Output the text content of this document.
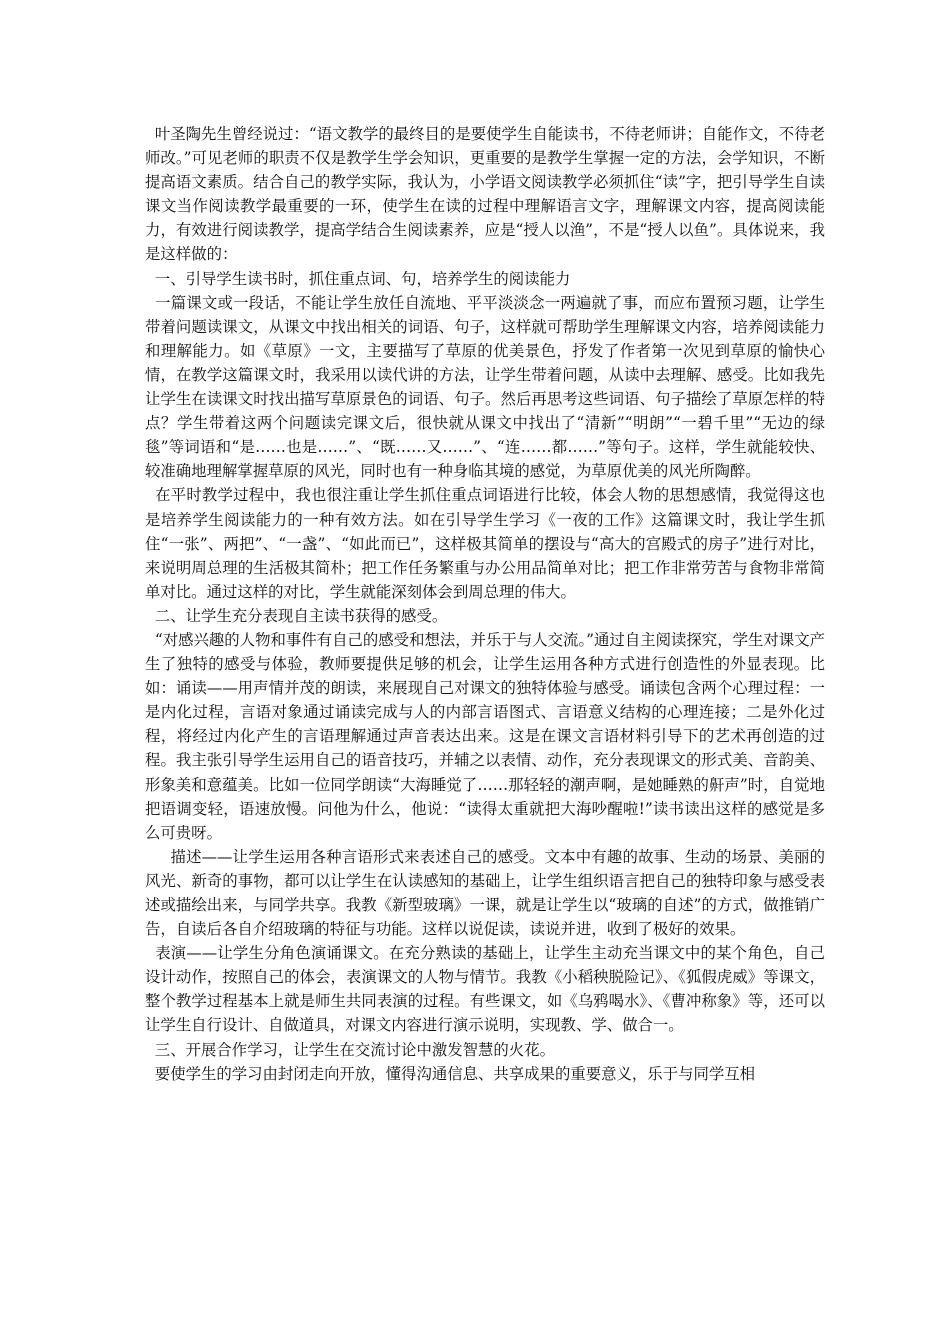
叶圣陶先生曾经说过：“语文教学的最终目的是要使学生自能读书，不待老师讲；自能作文，不待老师改。”可见老师的职责不仅是教学生学会知识，更重要的是教学生掌握一定的方法，会学知识，不断提高语文素质。结合自己的教学实际，我认为，小学语文阅读教学必须抓住“读”字，把引导学生自读课文当作阅读教学最重要的一环，使学生在读的过程中理解语言文字，理解课文内容，提高阅读能力，有效进行阅读教学，提高学结合生阅读素养，应是“授人以渔”，不是“授人以鱼”。具体说来，我是这样做的：

一、引导学生读书时，抓住重点词、句，培养学生的阅读能力

一篇课文或一段话，不能让学生放任自流地、平平淡淡念一两遍就了事，而应布置预习题，让学生带着问题读课文，从课文中找出相关的词语、句子，这样就可帮助学生理解课文内容，培养阅读能力和理解能力。如《草原》一文，主要描写了草原的优美景色，抒发了作者第一次见到草原的愉快心情，在教学这篇课文时，我采用以读代讲的方法，让学生带着问题，从读中去理解、感受。比如我先让学生在读课文时找出描写草原景色的词语、句子。然后再思考这些词语、句子描绘了草原怎样的特点？学生带着这两个问题读完课文后，很快就从课文中找出了“清新”“明朗”“一碧千里”“无边的绿毯”等词语和“是……也是……”、“既……又……”、“连……都……”等句子。这样，学生就能较快、较准确地理解掌握草原的风光，同时也有一种身临其境的感觉，为草原优美的风光所陶醉。

在平时教学过程中，我也很注重让学生抓住重点词语进行比较，体会人物的思想感情，我觉得这也是培养学生阅读能力的一种有效方法。如在引导学生学习《一夜的工作》这篇课文时，我让学生抓住“一张”、两把”、“一盏”、“如此而已”，这样极其简单的摆设与“高大的宫殿式的房子”进行对比，来说明周总理的生活极其简朴；把工作任务繁重与办公用品简单对比；把工作非常劳苦与食物非常简单对比。通过这样的对比，学生就能深刻体会到周总理的伟大。

二、让学生充分表现自主读书获得的感受。

“对感兴趣的人物和事件有自己的感受和想法，并乐于与人交流。”通过自主阅读探究，学生对课文产生了独特的感受与体验，教师要提供足够的机会，让学生运用各种方式进行创造性的外显表现。比如：诵读——用声情并茂的朗读，来展现自己对课文的独特体验与感受。诵读包含两个心理过程：一是内化过程，言语对象通过诵读完成与人的内部言语图式、言语意义结构的心理连接；二是外化过程，将经过内化产生的言语理解通过声音表达出来。这是在课文言语材料引导下的艺术再创造的过程。我主张引导学生运用自己的语音技巧，并辅之以表情、动作，充分表现课文的形式美、音韵美、形象美和意蕴美。比如一位同学朗读“大海睡觉了……那轻轻的潮声啊，是她睡熟的鼾声”时，自觉地把语调变轻，语速放慢。问他为什么，他说：“读得太重就把大海吵醒啦!”读书读出这样的感觉是多么可贵呀。

描述——让学生运用各种言语形式来表述自己的感受。文本中有趣的故事、生动的场景、美丽的风光、新奇的事物，都可以让学生在认读感知的基础上，让学生组织语言把自己的独特印象与感受表述或描绘出来，与同学共享。我教《新型玻璃》一课，就是让学生以“玻璃的自述”的方式，做推销广告，自读后各自介绍玻璃的特征与功能。这样以说促读，读说并进，收到了极好的效果。

表演——让学生分角色演诵课文。在充分熟读的基础上，让学生主动充当课文中的某个角色，自己设计动作，按照自己的体会，表演课文的人物与情节。我教《小稻秧脱险记》、《狐假虎威》等课文，整个教学过程基本上就是师生共同表演的过程。有些课文，如《乌鸦喝水》、《曹冲称象》等，还可以让学生自行设计、自做道具，对课文内容进行演示说明，实现教、学、做合一。

三、开展合作学习，让学生在交流讨论中激发智慧的火花。

要使学生的学习由封闭走向开放，懂得沟通信息、共享成果的重要意义，乐于与同学互相
